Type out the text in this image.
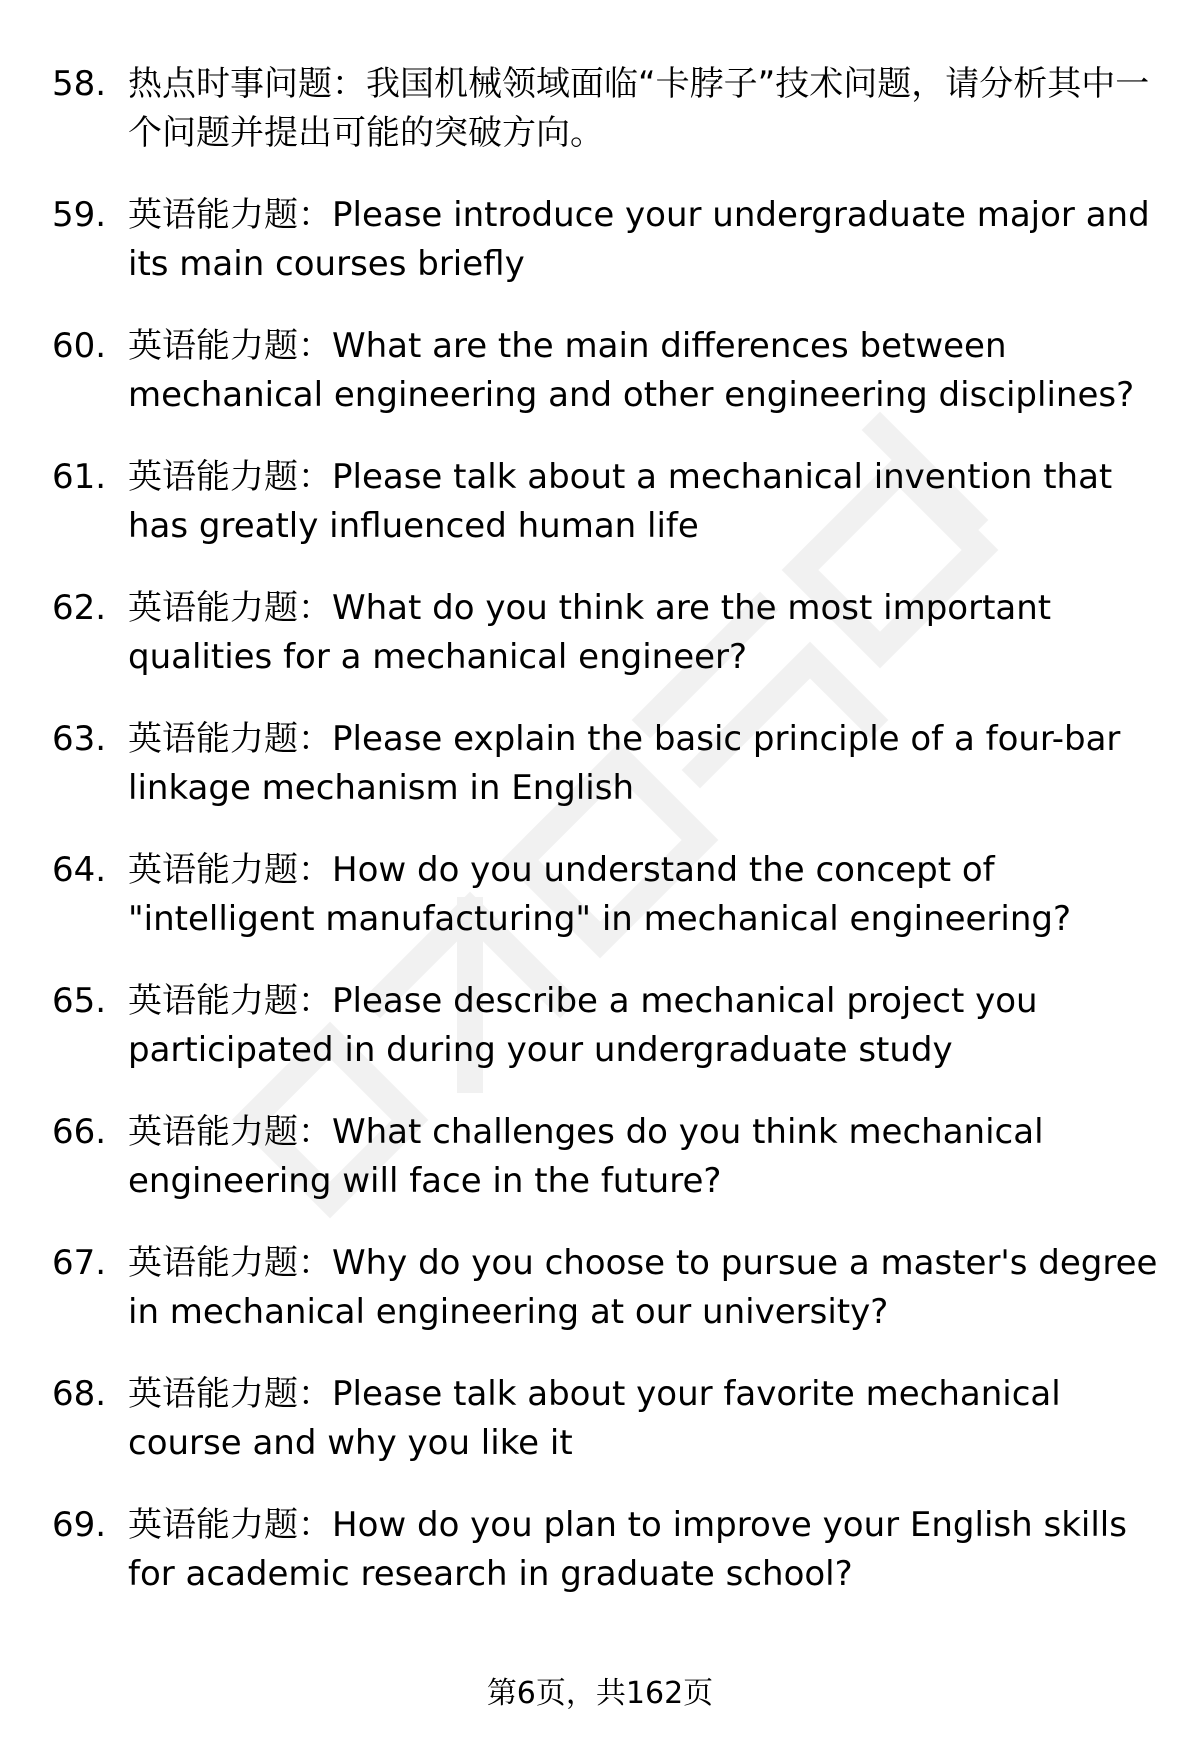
58. 热点时事问题：我国机械领域面临“卡脖子”技术问题，请分析其中一个问题并提出可能的突破方向。
59. 英语能力题：Please introduce your undergraduate major and its main courses briefly
60. 英语能力题：What are the main differences between mechanical engineering and other engineering disciplines?
61. 英语能力题：Please talk about a mechanical invention that has greatly influenced human life
62. 英语能力题：What do you think are the most important qualities for a mechanical engineer?
63. 英语能力题：Please explain the basic principle of a four-bar linkage mechanism in English
64. 英语能力题：How do you understand the concept of "intelligent manufacturing" in mechanical engineering?
65. 英语能力题：Please describe a mechanical project you participated in during your undergraduate study
66. 英语能力题：What challenges do you think mechanical engineering will face in the future?
67. 英语能力题：Why do you choose to pursue a master's degree in mechanical engineering at our university?
68. 英语能力题：Please talk about your favorite mechanical course and why you like it
69. 英语能力题：How do you plan to improve your English skills for academic research in graduate school?
第6页，共162页
